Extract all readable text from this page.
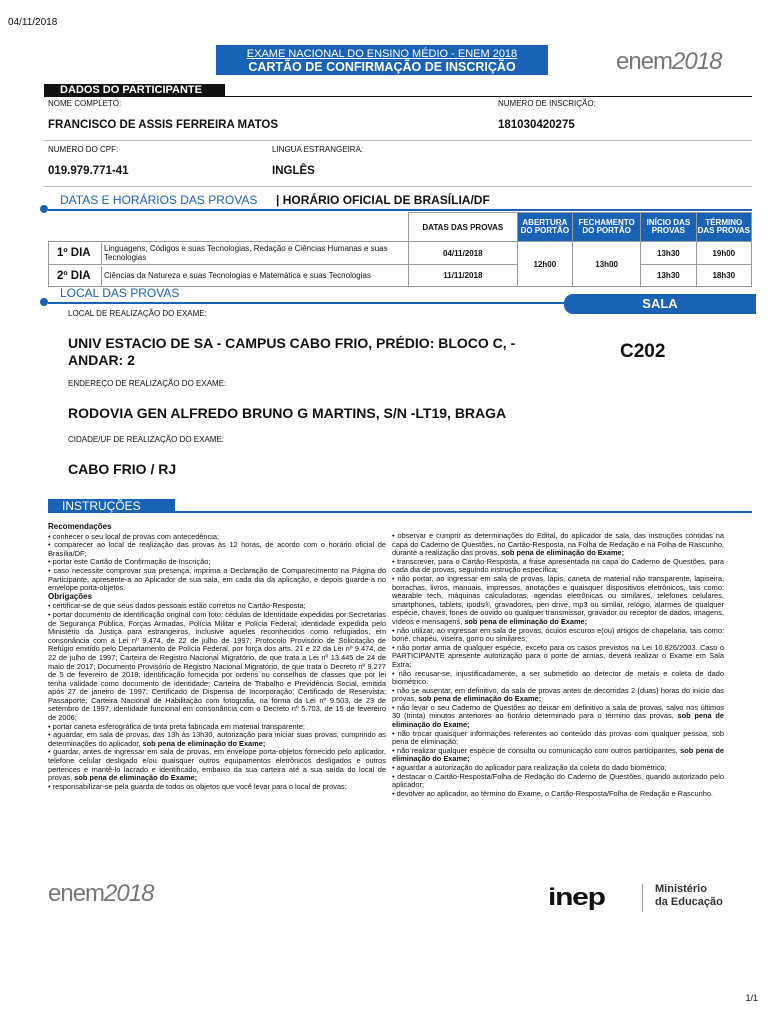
04/11/2018
EXAME NACIONAL DO ENSINO MÉDIO - ENEM 2018
CARTÃO DE CONFIRMAÇÃO DE INSCRIÇÃO	enem2018
DADOS DO PARTICIPANTE
NOME COMPLETO:	NUMERO DE INSCRIÇÃO:
FRANCISCO DE ASSIS FERREIRA MATOS	181030420275
NUMERO DO CPF:	LINGUA ESTRANGEIRA:
019.979.771-41	INGLÊS
DATAS E HORÁRIOS DAS PROVAS | HORÁRIO OFICIAL DE BRASÍLIA/DF
	DATAS DAS PROVAS	ABERTURA DO PORTÃO	FECHAMENTO DO PORTÃO	INÍCIO DAS PROVAS	TÉRMINO DAS PROVAS

1º DIA Linguagens, Códigos e suas Tecnologias, Redação e Ciências Humanas e suas Tecnologias	04/11/2018	12h00	13h00	13h30	19h00

2º DIA Ciências da Natureza e suas Tecnologias e Matemática e suas Tecnologias	11/11/2018			13h30	18h30
LOCAL DAS PROVAS
SALA
LOCAL DE REALIZAÇÃO DO EXAME:
UNIV ESTACIO DE SA - CAMPUS CABO FRIO, PRÉDIO: BLOCO C, -
ANDAR: 2	C202
ENDEREÇO DE REALIZAÇÃO DO EXAME:
RODOVIA GEN ALFREDO BRUNO G MARTINS, S/N -LT19, BRAGA
CIDADE/UF DE REALIZAÇÃO DO EXAME:
CABO FRIO / RJ
INSTRUÇÕES

Recomendações

• conhecer o seu local de provas com antecedência;

• comparecer ao local de realização das provas às 12 horas, de acordo com o horário oficial de Brasília/DF;

• portar este Cartão de Confirmação de Inscrição;

• caso necessite comprovar sua presença, imprima a Declaração de Comparecimento na Página do Participante, apresente-a ao Aplicador de sua sala, em cada dia da aplicação, e depois guarde-a no envelope porta-objetos.

Obrigações

• certificar-se de que seus dados pessoais estão corretos no Cartão-Resposta;

• portar documento de identificação original com foto: cédulas de Identidade expedidas por Secretarias de Segurança Pública, Forças Armadas, Polícia Militar e Polícia Federal; identidade expedida pelo Ministério da Justiça para estrangeiros, inclusive aqueles reconhecidos como refugiados, em consonância com a Lei nº 9.474, de 22 de julho de 1997; Protocolo Provisório de Solicitação de Refúgio emitido pelo Departamento de Polícia Federal, por força dos arts. 21 e 22 da Lei nº 9.474, de 22 de julho de 1997; Carteira de Registro Nacional Migratório, de que trata a Lei nº 13.445 de 24 de maio de 2017; Documento Provisório de Registro Nacional Migratório, de que trata o Decreto nº 9.277 de 5 de fevereiro de 2018; identificação fornecida por ordens ou conselhos de classes que por lei tenha validade como documento de identidade; Carteira de Trabalho e Previdência Social, emitida após 27 de janeiro de 1997; Certificado de Dispensa de Incorporação; Certificado de Reservista; Passaporte; Carteira Nacional de Habilitação com fotografia, na forma da Lei nº 9.503, de 23 de setembro de 1997; identidade funcional em consonância com o Decreto nº 5.703, de 15 de fevereiro de 2006;

• portar caneta esferográfica de tinta preta fabricada em material transparente;

• aguardar, em sala de provas, das 13h às 13h30, autorização para iniciar suas provas, cumprindo as determinações do aplicador, sob pena de eliminação do Exame;

• guardar, antes de ingressar em sala de provas, em envelope porta-objetos fornecido pelo aplicador, telefone celular desligado e/ou quaisquer outros equipamentos eletrônicos desligados e outros pertences e mantê-lo lacrado e identificado, embaixo da sua carteira até a sua saída do local de provas, sob pena de eliminação do Exame;

• responsabilizar-se pela guarda de todos os objetos que você levar para o local de provas;

• observar e cumprir as determinações do Edital, do aplicador de sala, das instruções contidas na capa do Caderno de Questões, no Cartão-Resposta, na Folha de Redação e na Folha de Rascunho, durante a realização das provas, sob pena de eliminação do Exame;

• transcrever, para o Cartão-Resposta, a frase apresentada na capa do Caderno de Questões, para cada dia de provas, seguindo instrução específica;

• não portar, ao ingressar em sala de provas, lápis, caneta de material não transparente, lapiseira, borrachas, livros, manuais, impressos, anotações e quaisquer dispositivos eletrônicos, tais como: wearable tech, máquinas calculadoras, agendas eletrônicas ou similares, telefones celulares, smartphones, tablets, ipods®, gravadores, pen drive, mp3 ou similar, relógio, alarmes de qualquer espécie, chaves, fones de ouvido ou qualquer transmissor, gravador ou receptor de dados, imagens, vídeos e mensagens, sob pena de eliminação do Exame;

• não utilizar, ao ingressar em sala de provas, óculos escuros e(ou) artigos de chapelaria, tais como: boné, chapéu, viseira, gorro ou similares;

• não portar arma de qualquer espécie, exceto para os casos previstos na Lei 10.826/2003. Caso o PARTICIPANTE apresente autorização para o porte de armas, deverá realizar o Exame em Sala Extra;

• não recusar-se, injustificadamente, a ser submetido ao detector de metais e coleta de dado biométrico.

• não se ausentar, em definitivo, da sala de provas antes de decorridas 2 (duas) horas do início das provas, sob pena de eliminação do Exame;

• não levar o seu Caderno de Questões ao deixar em definitivo a sala de provas, salvo nos últimos 30 (trinta) minutos anteriores ao horário determinado para o término das provas, sob pena de eliminação do Exame;

• não trocar quaisquer informações referentes ao conteúdo das provas com qualquer pessoa, sob pena de eliminação;

• não realizar qualquer espécie de consulta ou comunicação com outros participantes, sob pena de eliminação do Exame;

• aguardar a autorização do aplicador para realização da coleta do dado biométrico;

• destacar o Cartão-Resposta/Folha de Redação do Caderno de Questões, quando autorizado pelo aplicador;

• devolver ao aplicador, ao término do Exame, o Cartão-Resposta/Folha de Redação e Rascunho.

enem2018	inep	Ministério
da Educação
1/1
